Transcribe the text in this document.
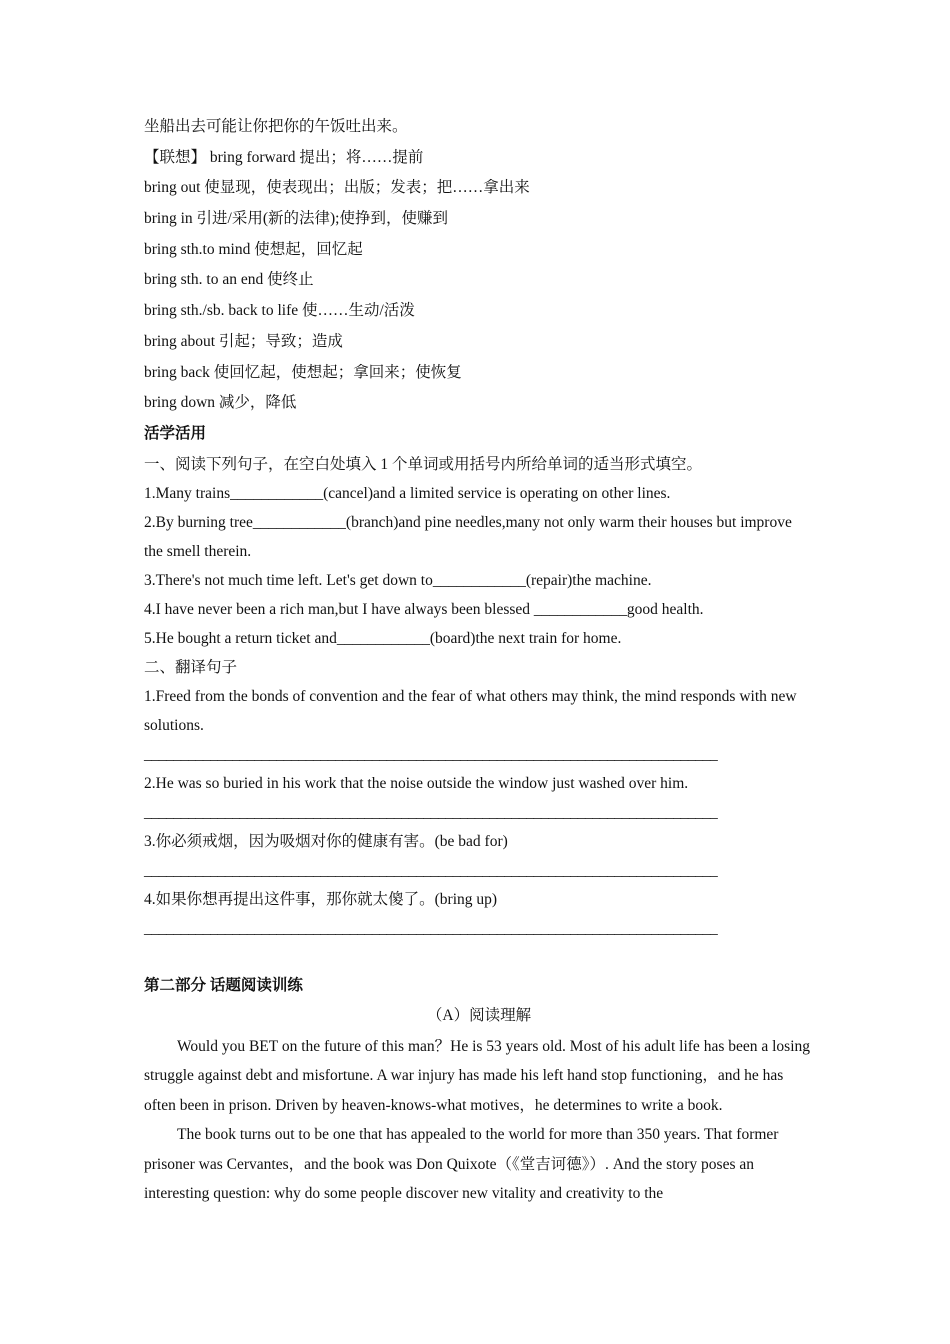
坐船出去可能让你把你的午饭吐出来。
【联想】 bring forward 提出；将……提前
bring out 使显现，使表现出；出版；发表；把……拿出来
bring in 引进/采用(新的法律);使挣到，使赚到
bring sth.to mind 使想起，回忆起
bring sth. to an end 使终止
bring sth./sb. back to life 使……生动/活泼
bring about 引起；导致；造成
bring back 使回忆起，使想起；拿回来；使恢复
bring down 减少，降低
活学活用
一、阅读下列句子，在空白处填入 1 个单词或用括号内所给单词的适当形式填空。
1.Many trains____________(cancel)and a limited service is operating on other lines.
2.By burning tree____________(branch)and pine needles,many not only warm their houses but improve the smell therein.
3.There's not much time left. Let's get down to____________(repair)the machine.
4.I have never been a rich man,but I have always been blessed ____________good health.
5.He bought a return ticket and____________(board)the next train for home.
二、翻译句子
1.Freed from the bonds of convention and the fear of what others may think, the mind responds with new solutions.
______________________________________________________________________________
2.He was so buried in his work that the noise outside the window just washed over him.
______________________________________________________________________________
3.你必须戒烟，因为吸烟对你的健康有害。(be bad for)
______________________________________________________________________________
4.如果你想再提出这件事，那你就太傻了。(bring up)
______________________________________________________________________________
第二部分 话题阅读训练
（A）阅读理解
Would you BET on the future of this man？He is 53 years old. Most of his adult life has been a losing struggle against debt and misfortune. A war injury has made his left hand stop functioning，and he has often been in prison. Driven by heaven-knows-what motives，he determines to write a book.
The book turns out to be one that has appealed to the world for more than 350 years. That former prisoner was Cervantes，and the book was Don Quixote（《堂吉诃德》）. And the story poses an interesting question: why do some people discover new vitality and creativity to the
